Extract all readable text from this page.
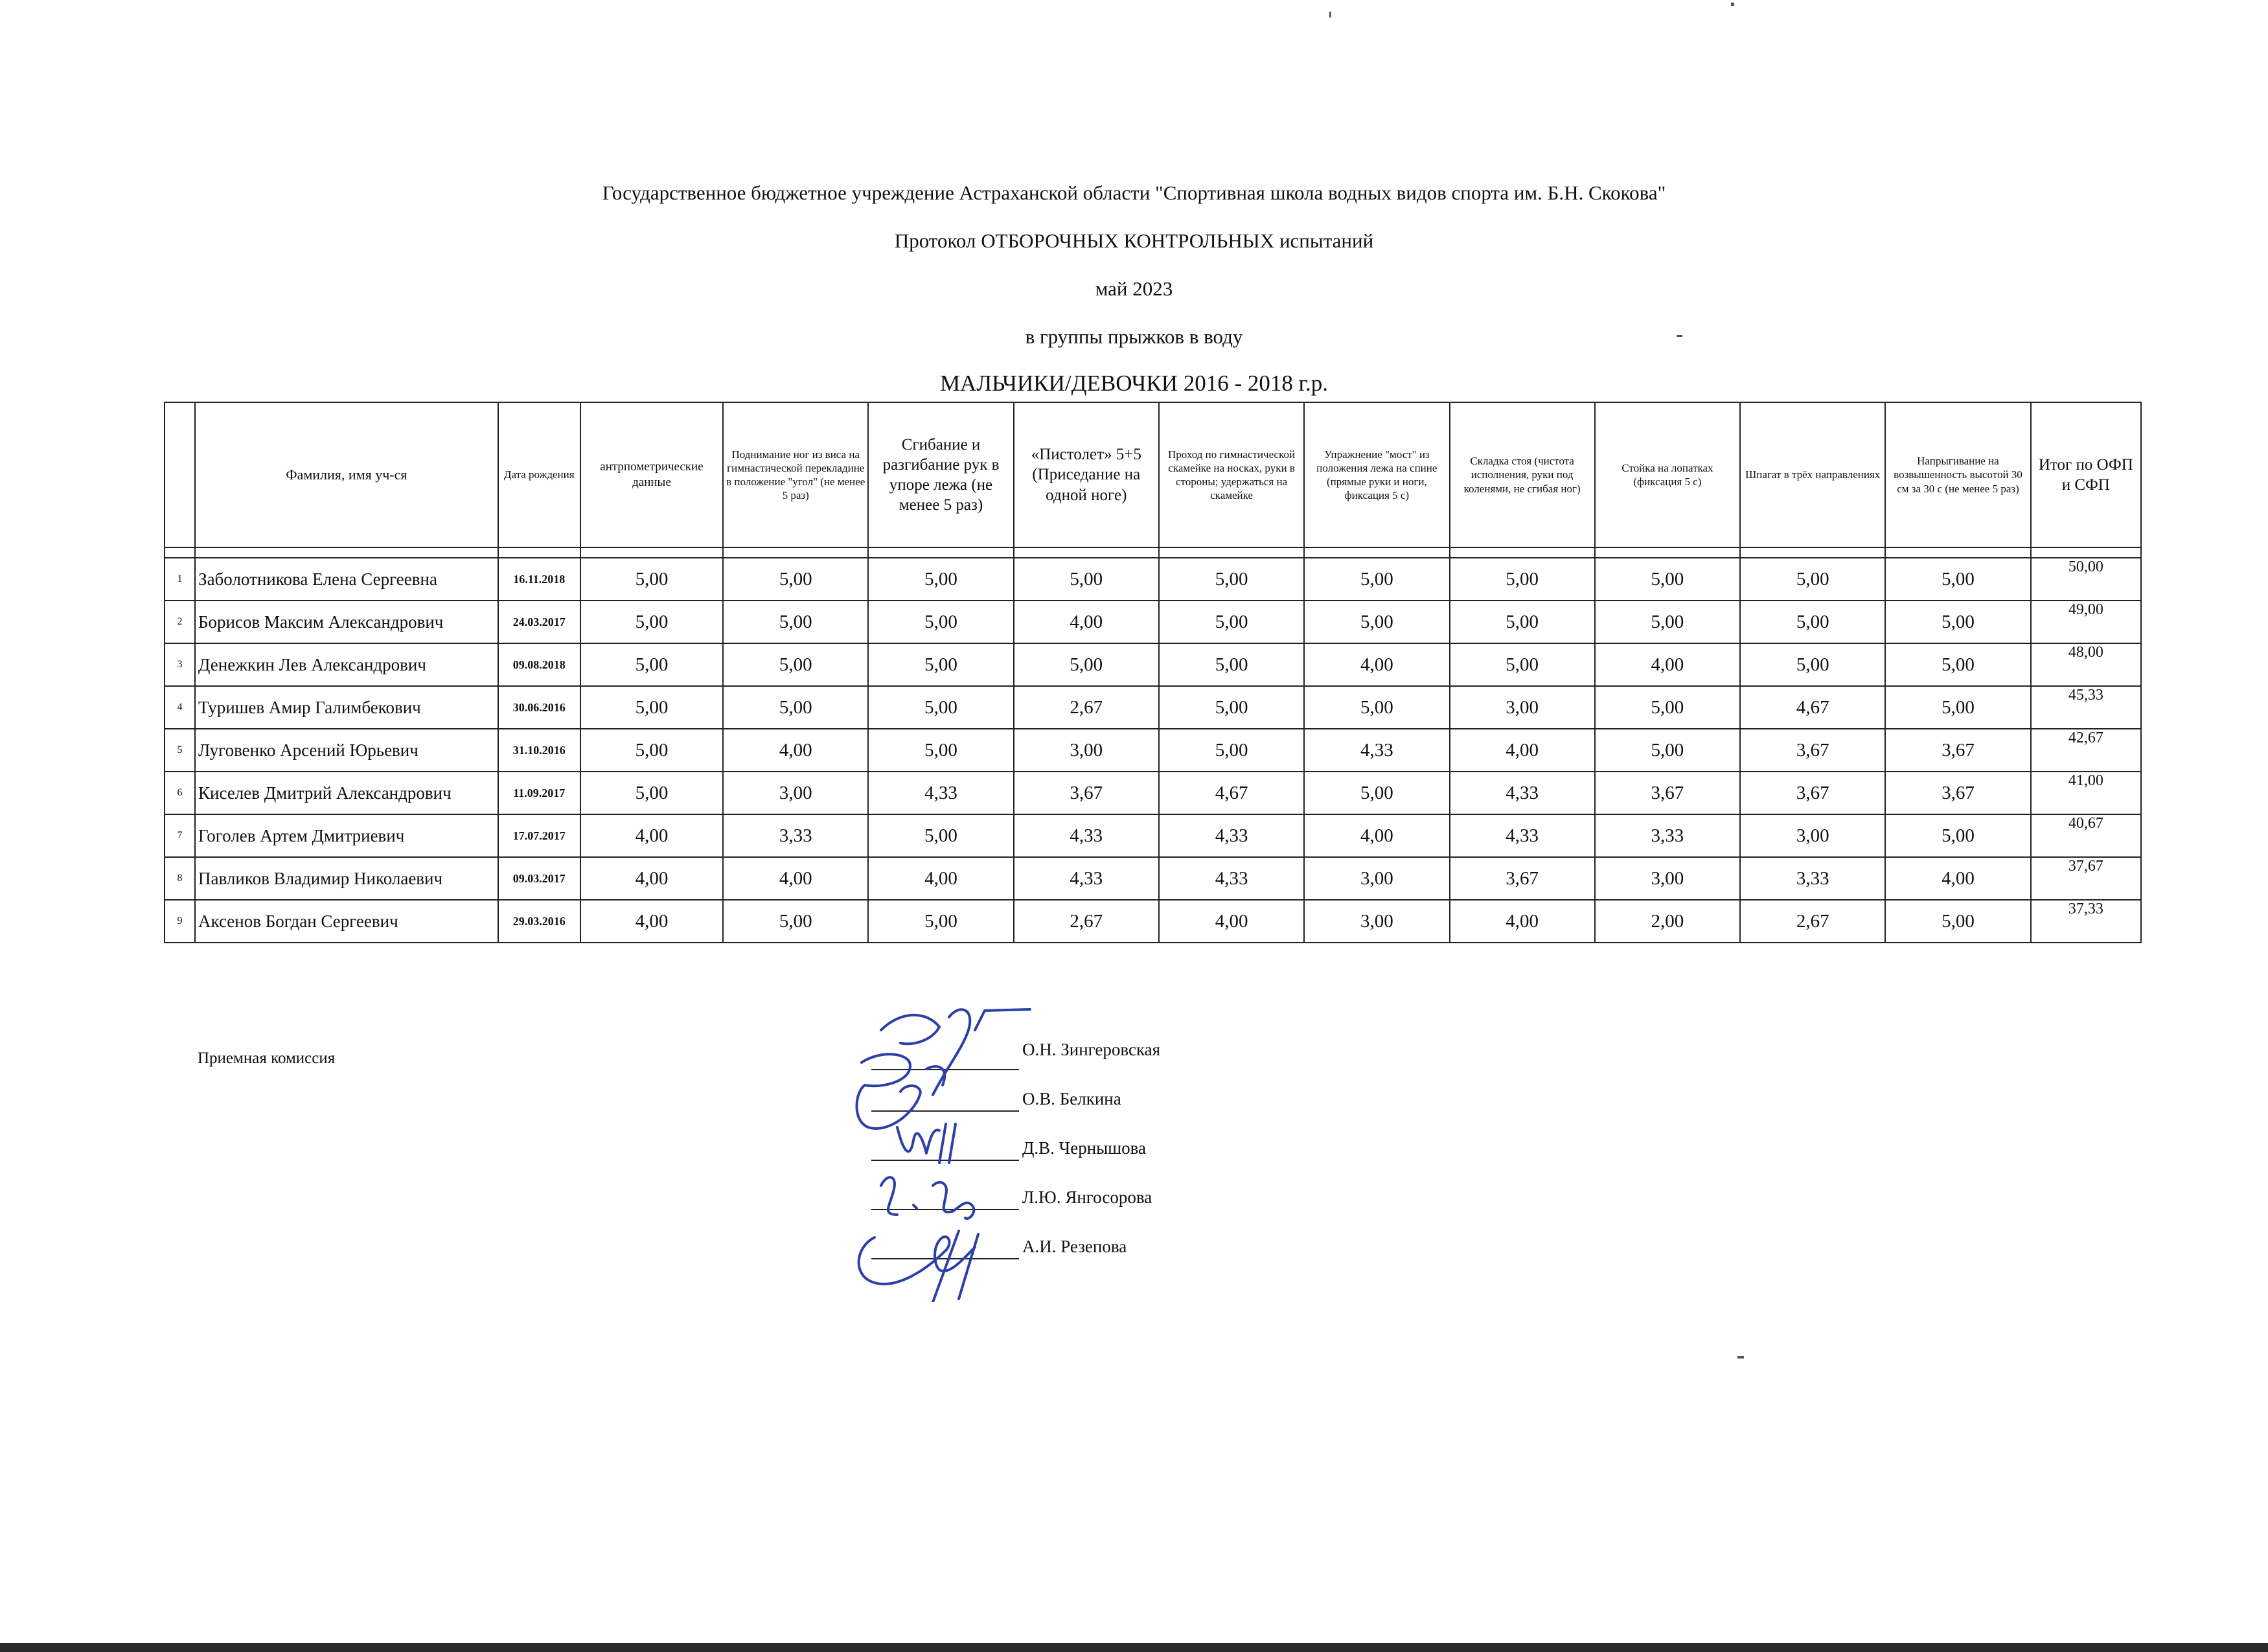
Государственное бюджетное учреждение Астраханской области "Спортивная школа водных видов спорта им. Б.Н. Скокова"
Протокол ОТБОРОЧНЫХ КОНТРОЛЬНЫХ испытаний
май 2023
в группы прыжков в воду
МАЛЬЧИКИ/ДЕВОЧКИ 2016 - 2018 г.р.
	Фамилия, имя уч-ся	Дата рождения	антрпометрические данные	Поднимание ног из виса на гимнастической перекладине в положение "угол" (не менее 5 раз)	Сгибание и разгибание рук в упоре лежа (не менее 5 раз)	«Пистолет» 5+5 (Приседание на одной ноге)	Проход по гимнастической скамейке на носках, руки в стороны; удержаться на скамейке	Упражнение "мост" из положения лежа на спине (прямые руки и ноги, фиксация 5 с)	Складка стоя (чистота исполнения, руки под коленями, не сгибая ног)	Стойка на лопатках (фиксация 5 с)	Шпагат в трёх направлениях	Напрыгивание на возвышенность высотой 30 см за 30 с (не менее 5 раз)	Итог по ОФП и СФП

1	Заболотникова Елена Сергеевна	16.11.2018	5,00	5,00	5,00	5,00	5,00	5,00	5,00	5,00	5,00	5,00	50,00
2	Борисов Максим Александрович	24.03.2017	5,00	5,00	5,00	4,00	5,00	5,00	5,00	5,00	5,00	5,00	49,00
3	Денежкин Лев Александрович	09.08.2018	5,00	5,00	5,00	5,00	5,00	4,00	5,00	4,00	5,00	5,00	48,00
4	Туришев Амир Галимбекович	30.06.2016	5,00	5,00	5,00	2,67	5,00	5,00	3,00	5,00	4,67	5,00	45,33
5	Луговенко Арсений Юрьевич	31.10.2016	5,00	4,00	5,00	3,00	5,00	4,33	4,00	5,00	3,67	3,67	42,67
6	Киселев Дмитрий Александрович	11.09.2017	5,00	3,00	4,33	3,67	4,67	5,00	4,33	3,67	3,67	3,67	41,00
7	Гоголев Артем Дмитриевич	17.07.2017	4,00	3,33	5,00	4,33	4,33	4,00	4,33	3,33	3,00	5,00	40,67
8	Павликов Владимир Николаевич	09.03.2017	4,00	4,00	4,00	4,33	4,33	3,00	3,67	3,00	3,33	4,00	37,67
9	Аксенов Богдан Сергеевич	29.03.2016	4,00	5,00	5,00	2,67	4,00	3,00	4,00	2,00	2,67	5,00	37,33
Приемная комиссия	О.Н. Зингеровская
О.В. Белкина
Д.В. Чернышова
Л.Ю. Янгосорова
А.И. Резепова
